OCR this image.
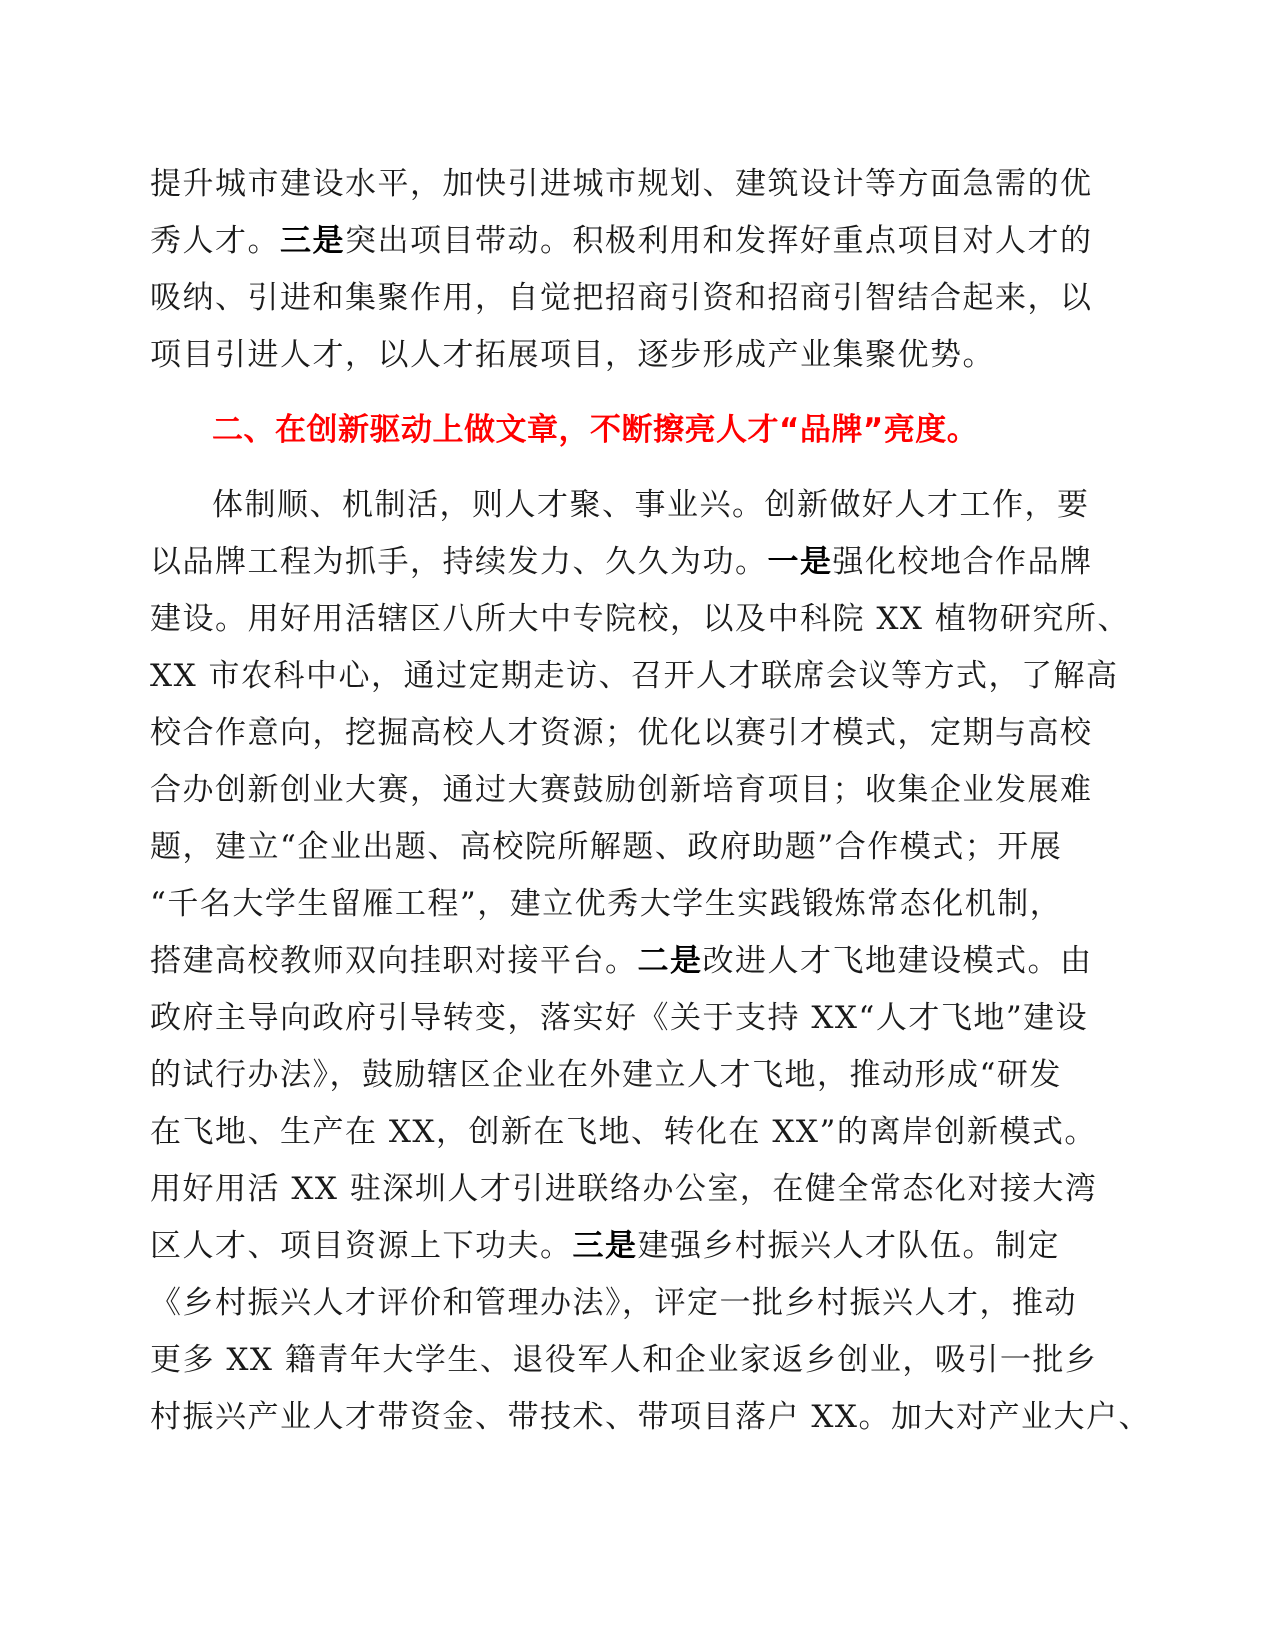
提升城市建设水平，加快引进城市规划、建筑设计等方面急需的优
秀人才。三是突出项目带动。积极利用和发挥好重点项目对人才的
吸纳、引进和集聚作用，自觉把招商引资和招商引智结合起来，以
项目引进人才，以人才拓展项目，逐步形成产业集聚优势。
二、在创新驱动上做文章，不断擦亮人才“品牌”亮度。
体制顺、机制活，则人才聚、事业兴。创新做好人才工作，要
以品牌工程为抓手，持续发力、久久为功。一是强化校地合作品牌
建设。用好用活辖区八所大中专院校，以及中科院 XX 植物研究所、
XX 市农科中心，通过定期走访、召开人才联席会议等方式，了解高
校合作意向，挖掘高校人才资源；优化以赛引才模式，定期与高校
合办创新创业大赛，通过大赛鼓励创新培育项目；收集企业发展难
题，建立“企业出题、高校院所解题、政府助题”合作模式；开展
“千名大学生留雁工程”，建立优秀大学生实践锻炼常态化机制，
搭建高校教师双向挂职对接平台。二是改进人才飞地建设模式。由
政府主导向政府引导转变，落实好《关于支持 XX“人才飞地”建设
的试行办法》，鼓励辖区企业在外建立人才飞地，推动形成“研发
在飞地、生产在 XX，创新在飞地、转化在 XX”的离岸创新模式。
用好用活 XX 驻深圳人才引进联络办公室，在健全常态化对接大湾
区人才、项目资源上下功夫。三是建强乡村振兴人才队伍。制定
《乡村振兴人才评价和管理办法》，评定一批乡村振兴人才，推动
更多 XX 籍青年大学生、退役军人和企业家返乡创业，吸引一批乡
村振兴产业人才带资金、带技术、带项目落户 XX。加大对产业大户、
